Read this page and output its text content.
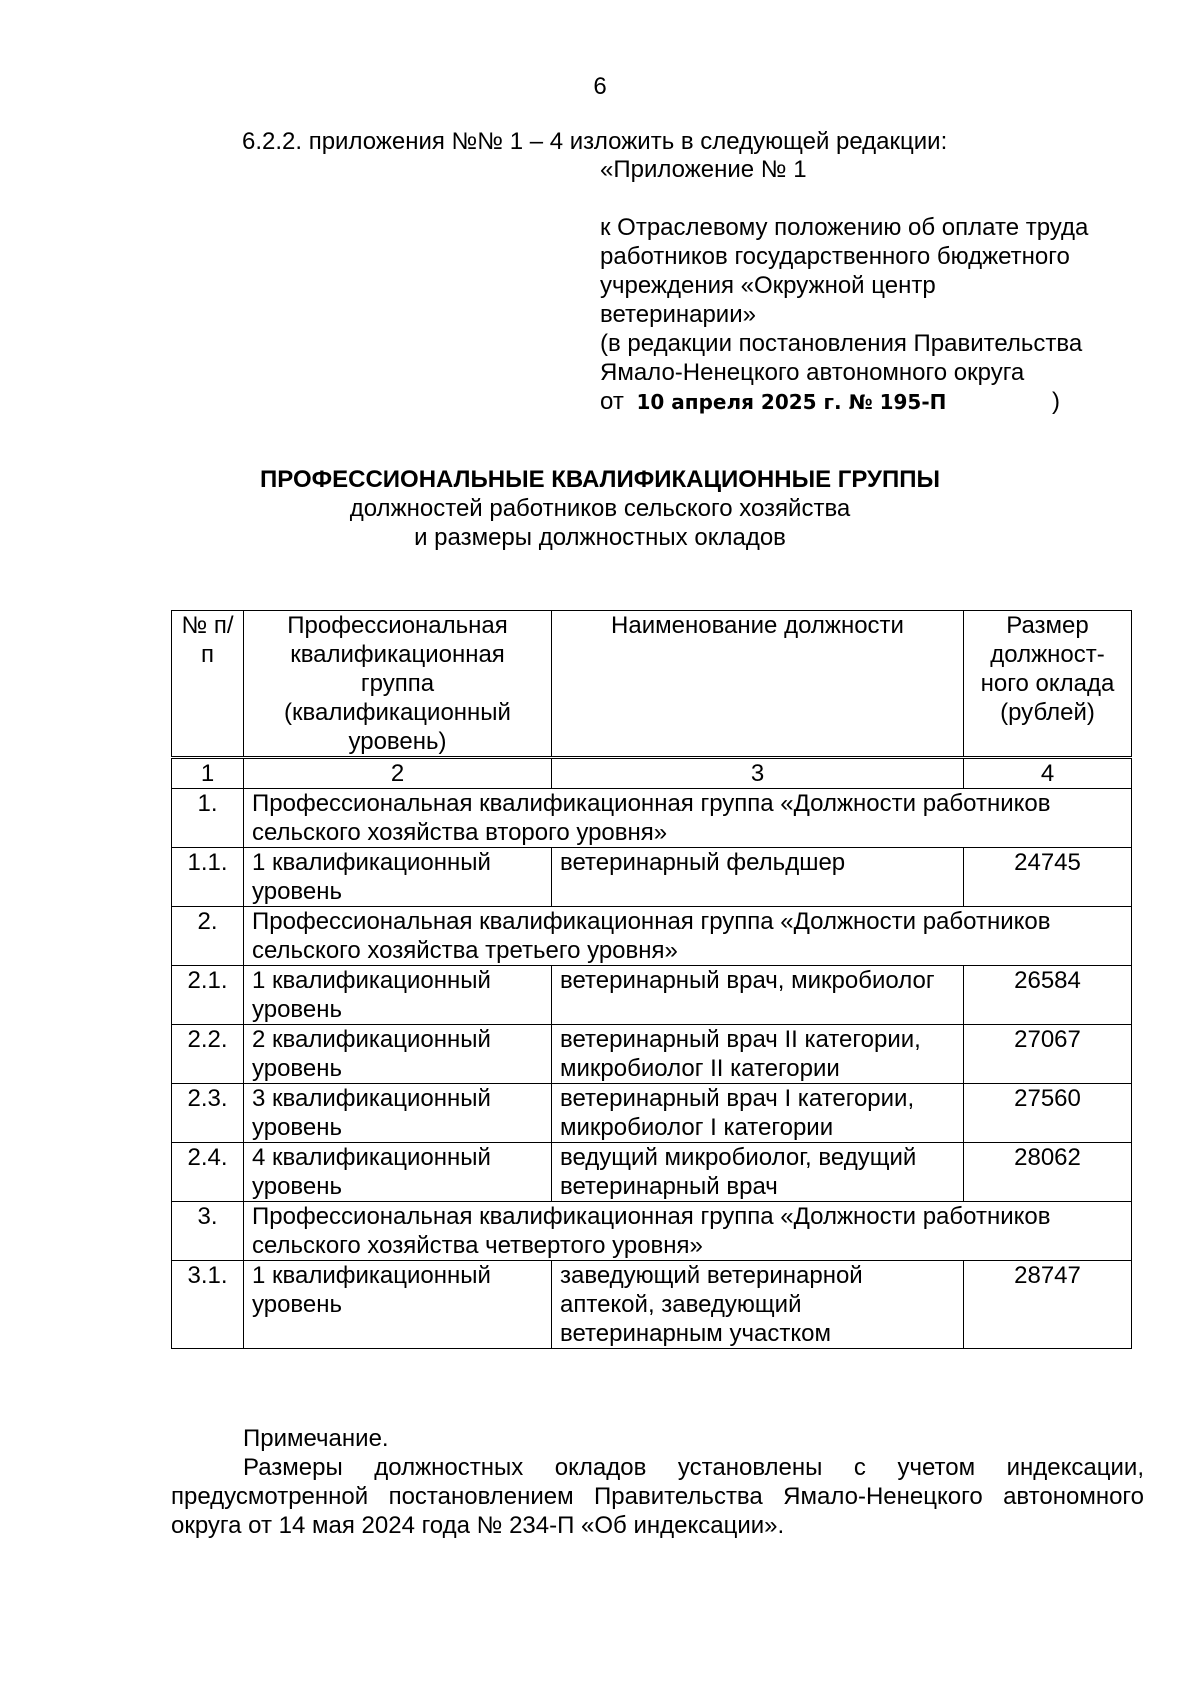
6
6.2.2. приложения №№ 1 – 4 изложить в следующей редакции:
«Приложение № 1
к Отраслевому положению об оплате труда
работников государственного бюджетного
учреждения «Окружной центр
ветеринарии»
(в редакции постановления Правительства
Ямало-Ненецкого автономного округа
от 10 апреля 2025 г. № 195-П	)
ПРОФЕССИОНАЛЬНЫЕ КВАЛИФИКАЦИОННЫЕ ГРУППЫ
должностей работников сельского хозяйства
и размеры должностных окладов
№ п/п	Профессиональная квалификационная группа (квалификационный уровень)	Наименование должности	Размер должност-ного оклада (рублей)
1	2	3	4
1.	Профессиональная квалификационная группа «Должности работников сельского хозяйства второго уровня»		
1.1.	1 квалификационный уровень	ветеринарный фельдшер	24745
2.	Профессиональная квалификационная группа «Должности работников сельского хозяйства третьего уровня»		
2.1.	1 квалификационный уровень	ветеринарный врач, микробиолог	26584
2.2.	2 квалификационный уровень	ветеринарный врач II категории, микробиолог II категории	27067
2.3.	3 квалификационный уровень	ветеринарный врач I категории, микробиолог I категории	27560
2.4.	4 квалификационный уровень	ведущий микробиолог, ведущий ветеринарный врач	28062
3.	Профессиональная квалификационная группа «Должности работников сельского хозяйства четвертого уровня»		
3.1.	1 квалификационный уровень	заведующий ветеринарной аптекой, заведующий ветеринарным участком	28747
Примечание.
Размеры должностных окладов установлены с учетом индексации, предусмотренной постановлением Правительства Ямало-Ненецкого автономного округа от 14 мая 2024 года № 234-П «Об индексации».
